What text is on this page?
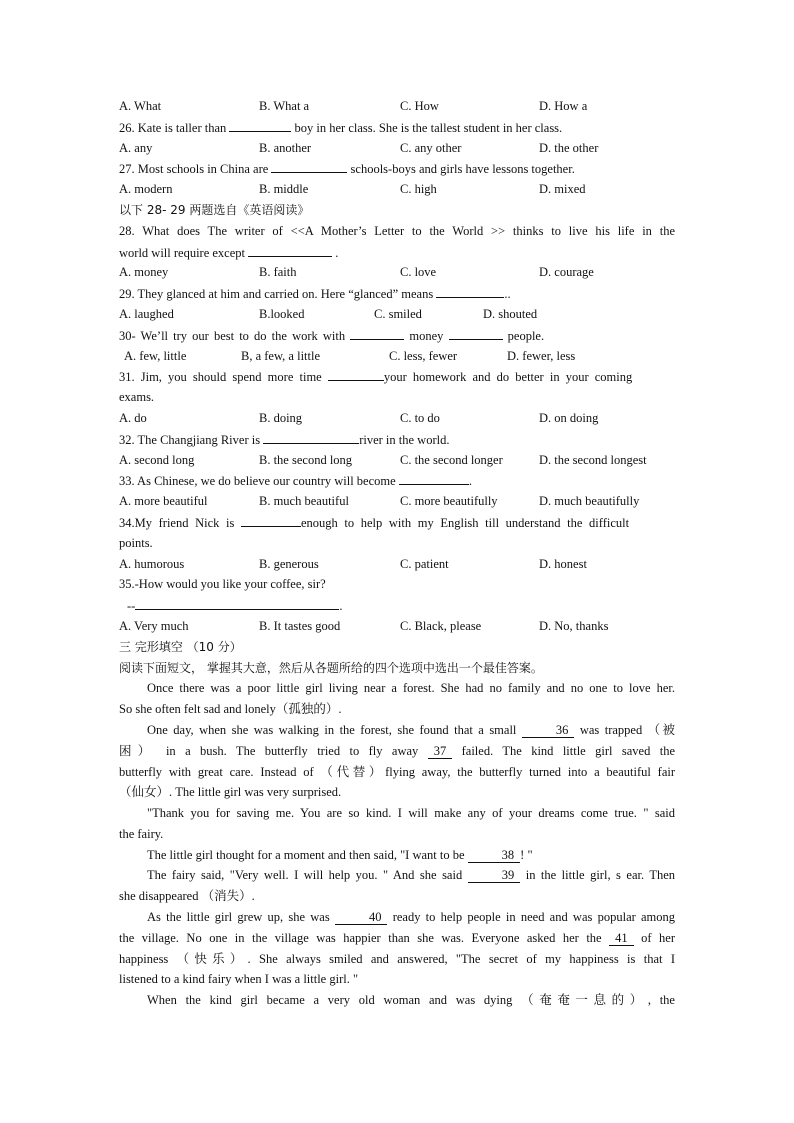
A. What	B. What a	C. How	D. How a
26. Kate is taller than	boy in her class. She is the tallest student in her class.
A. any	B. another	C. any other	D. the other
27. Most schools in China are	schools-boys and girls have lessons together.
A. modern	B. middle	C. high	D. mixed
以下 28- 29 两题选自《英语阅读》
28. What does The writer of <<A Mother’s Letter to the World >> thinks to live his life in the
world will require except	.
A. money	B. faith	C. love	D. courage
29. They glanced at him and carried on. Here “glanced” means	..
A. laughed	B.looked	C. smiled	D. shouted
30- We’ll try our best to do the work with	money	people.
A. few, little	B, a few, a little	C. less, fewer	D. fewer, less
31. Jim, you should spend more time	your homework and do better in your coming
exams.
A. do	B. doing	C. to do	D. on doing
32. The Changjiang River is	river in the world.
A. second long	B. the second long	C. the second longer	D. the second longest
33. As Chinese, we do believe our country will become	.
A. more beautiful	B. much beautiful	C. more beautifully	D. much beautifully
34.My friend Nick is	enough to help with my English till understand the difficult
points.
A. humorous	B. generous	C. patient	D. honest
35.-How would you like your coffee, sir?
--	.
A. Very much	B. It tastes good	C. Black, please	D. No, thanks
三 完形填空 （10 分）
阅读下面短文， 掌握其大意，然后从各题所给的四个选项中选出一个最佳答案。
Once there was a poor little girl living near a forest. She had no family and no one to love her.
So she often felt sad and lonely（孤独的）.
One day, when she was walking in the forest, she found that a small	36 was trapped （被
困） in a bush. The butterfly tried to fly away 37 failed. The kind little girl saved the
butterfly with great care. Instead of （代替）flying away, the butterfly turned into a beautiful fair
（仙女）. The little girl was very surprised.
"Thank you for saving me. You are so kind. I will make any of your dreams come true. " said
the fairy.
The little girl thought for a moment and then said, "I want to be	38 ! "
The fairy said, "Very well. I will help you. " And she said	39 in the little girl, s ear. Then
she disappeared （消失）.
As the little girl grew up, she was	40 ready to help people in need and was popular among
the village. No one in the village was happier than she was. Everyone asked her the 41 of her
happiness （快乐）. She always smiled and answered, "The secret of my happiness is that I
listened to a kind fairy when I was a little girl. "
When the kind girl became a very old woman and was dying （奄奄一息的）, the
